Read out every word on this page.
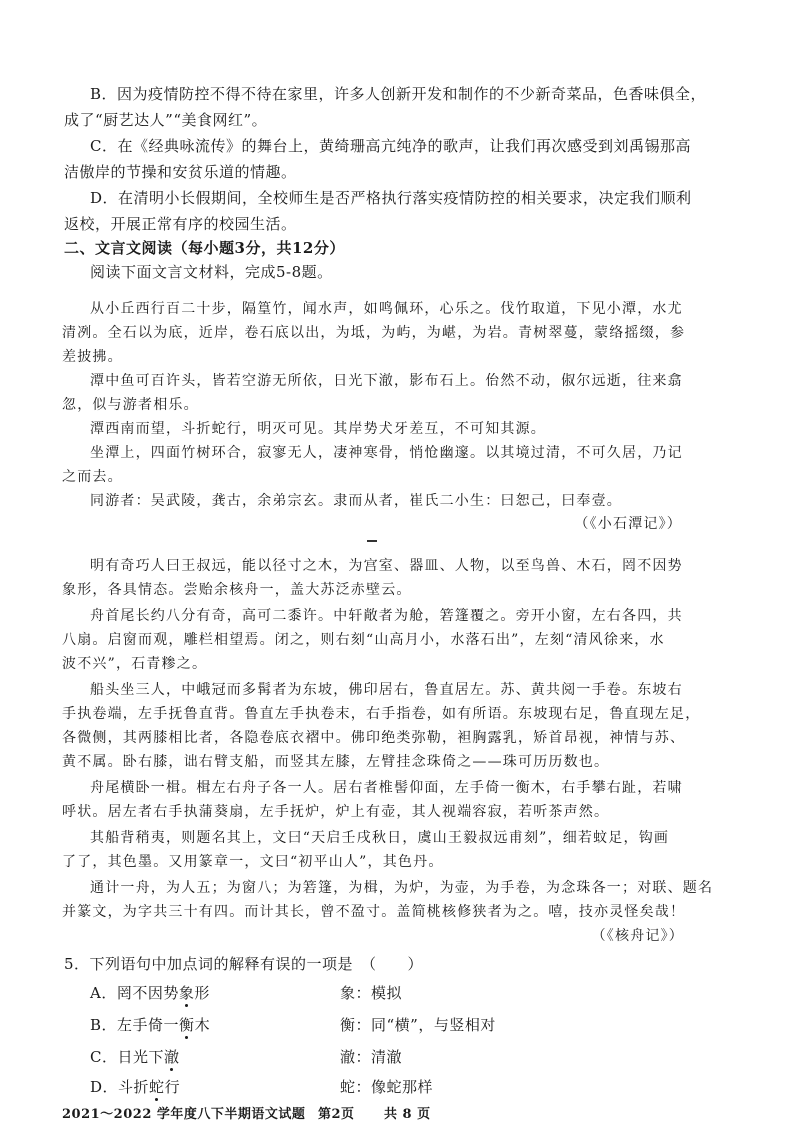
B．因为疫情防控不得不待在家里，许多人创新开发和制作的不少新奇菜品，色香味俱全，
成了“厨艺达人”“美食网红”。
C．在《经典咏流传》的舞台上，黄绮珊高亢纯净的歌声，让我们再次感受到刘禹锡那高
洁傲岸的节操和安贫乐道的情趣。
D．在清明小长假期间，全校师生是否严格执行落实疫情防控的相关要求，决定我们顺利
返校，开展正常有序的校园生活。
二、文言文阅读（每小题3分，共12分）
阅读下面文言文材料，完成5-8题。
从小丘西行百二十步，隔篁竹，闻水声，如鸣佩环，心乐之。伐竹取道，下见小潭，水尤
清冽。全石以为底，近岸，卷石底以出，为坻，为屿，为嵁，为岩。青树翠蔓，蒙络摇缀，参
差披拂。
潭中鱼可百许头，皆若空游无所依，日光下澈，影布石上。佁然不动，俶尔远逝，往来翕
忽，似与游者相乐。
潭西南而望，斗折蛇行，明灭可见。其岸势犬牙差互，不可知其源。
坐潭上，四面竹树环合，寂寥无人，凄神寒骨，悄怆幽邃。以其境过清，不可久居，乃记
之而去。
同游者：吴武陵，龚古，余弟宗玄。隶而从者，崔氏二小生：曰恕己，曰奉壹。
（《小石潭记》）
明有奇巧人曰王叔远，能以径寸之木，为宫室、器皿、人物，以至鸟兽、木石，罔不因势
象形，各具情态。尝贻余核舟一，盖大苏泛赤壁云。
舟首尾长约八分有奇，高可二黍许。中轩敞者为舱，箬篷覆之。旁开小窗，左右各四，共
八扇。启窗而观，雕栏相望焉。闭之，则右刻“山高月小，水落石出”，左刻“清风徐来，水
波不兴”，石青糁之。
船头坐三人，中峨冠而多髯者为东坡，佛印居右，鲁直居左。苏、黄共阅一手卷。东坡右
手执卷端，左手抚鲁直背。鲁直左手执卷末，右手指卷，如有所语。东坡现右足，鲁直现左足，
各微侧，其两膝相比者，各隐卷底衣褶中。佛印绝类弥勒，袒胸露乳，矫首昂视，神情与苏、
黄不属。卧右膝，诎右臂支船，而竖其左膝，左臂挂念珠倚之——珠可历历数也。
舟尾横卧一楫。楫左右舟子各一人。居右者椎髻仰面，左手倚一衡木，右手攀右趾，若啸
呼状。居左者右手执蒲葵扇，左手抚炉，炉上有壶，其人视端容寂，若听茶声然。
其船背稍夷，则题名其上，文曰“天启壬戌秋日，虞山王毅叔远甫刻”，细若蚊足，钩画
了了，其色墨。又用篆章一，文曰“初平山人”，其色丹。
通计一舟，为人五；为窗八；为箬篷，为楫，为炉，为壶，为手卷，为念珠各一；对联、题名
并篆文，为字共三十有四。而计其长，曾不盈寸。盖简桃核修狭者为之。嘻，技亦灵怪矣哉！
（《核舟记》）
5．下列语句中加点词的解释有误的一项是　（　　）
A．罔不因势象形	象：模拟
B．左手倚一衡木	衡：同“横”，与竖相对
C．日光下澈	澈：清澈
D．斗折蛇行	蛇：像蛇那样
2021～2022 学年度八下半期语文试题 第2页 共 8 页
